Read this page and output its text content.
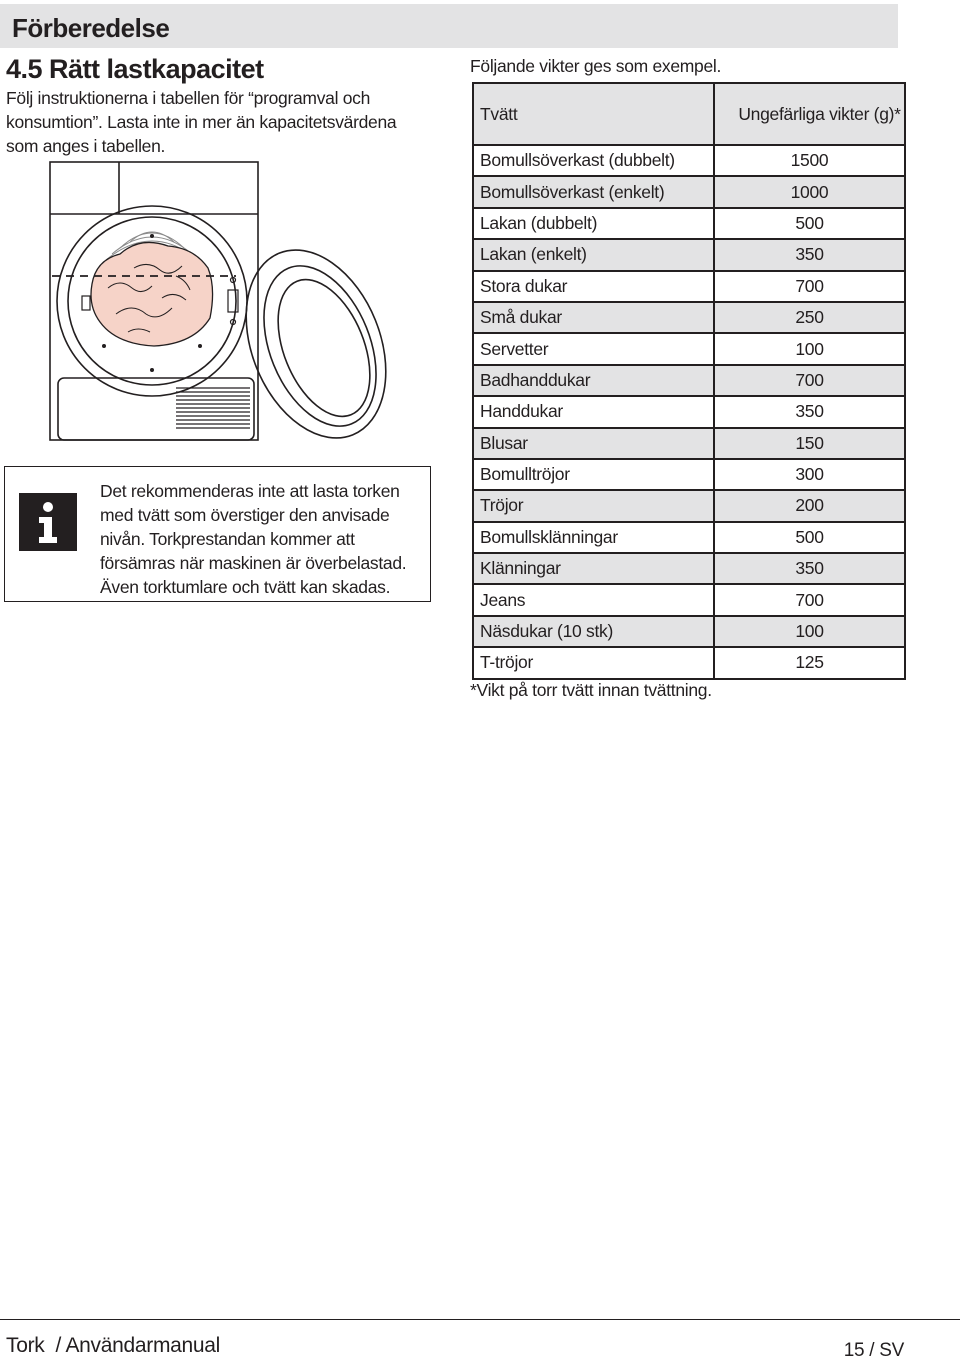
Förberedelse
4.5 Rätt lastkapacitet
Följ instruktionerna i tabellen för “programval och konsumtion”. Lasta inte in mer än kapacitetsvärdena som anges i tabellen.
Det rekommenderas inte att lasta torken med tvätt som överstiger den anvisade nivån. Torkprestandan kommer att försämras när maskinen är överbelastad. Även torktumlare och tvätt kan skadas.
Följande vikter ges som exempel.
Tvätt	Ungefärliga vikter (g)*
Bomullsöverkast (dubbelt)	1500
Bomullsöverkast (enkelt)	1000
Lakan (dubbelt)	500
Lakan (enkelt)	350
Stora dukar	700
Små dukar	250
Servetter	100
Badhanddukar	700
Handdukar	350
Blusar	150
Bomulltröjor	300
Tröjor	200
Bomullsklänningar	500
Klänningar	350
Jeans	700
Näsdukar (10 stk)	100
T-tröjor	125
*Vikt på torr tvätt innan tvättning.
Tork  / Användarmanual	15 / SV
